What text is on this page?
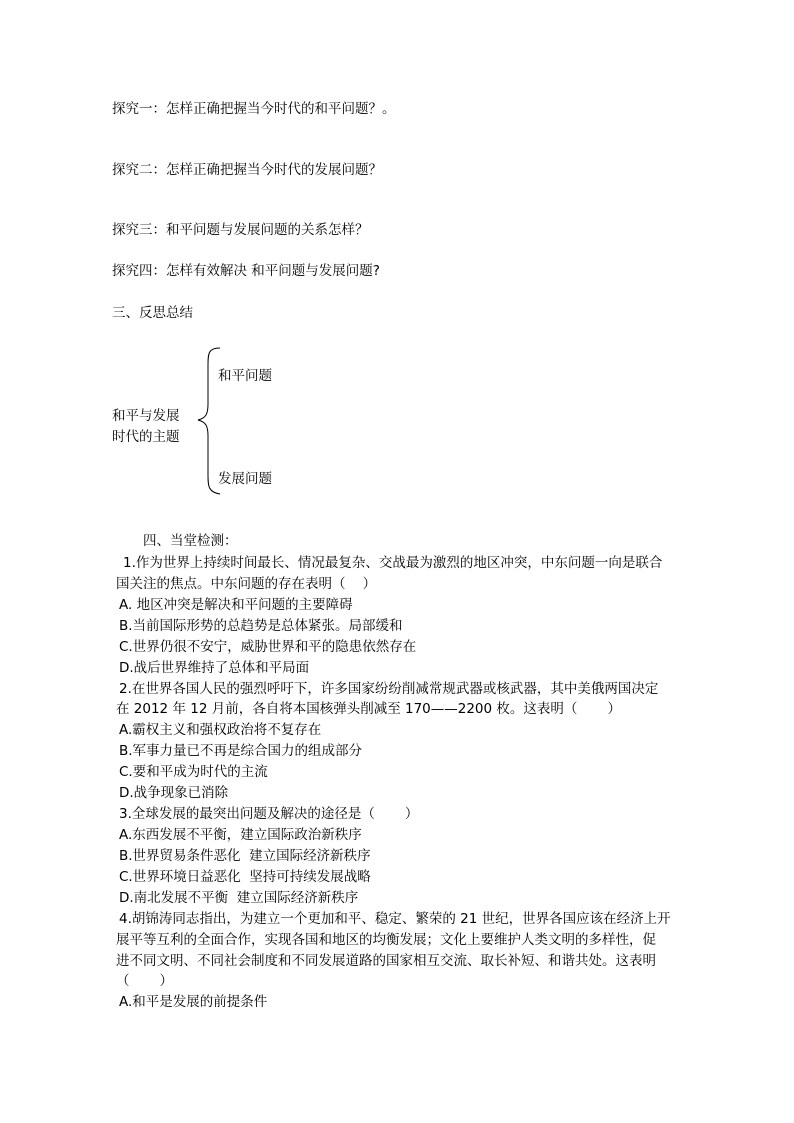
探究一：怎样正确把握当今时代的和平问题？。
探究二：怎样正确把握当今时代的发展问题？
探究三：和平问题与发展问题的关系怎样？
探究四：怎样有效解决 和平问题与发展问题?
三、反思总结
和平与发展
时代的主题
和平问题
发展问题
四、当堂检测：
1.作为世界上持续时间最长、情况最复杂、交战最为激烈的地区冲突，中东问题一向是联合
国关注的焦点。中东问题的存在表明（    ）
A. 地区冲突是解决和平问题的主要障碍
B.当前国际形势的总趋势是总体紧张。局部缓和
C.世界仍很不安宁，威胁世界和平的隐患依然存在
D.战后世界维持了总体和平局面
2.在世界各国人民的强烈呼吁下，许多国家纷纷削减常规武器或核武器，其中美俄两国决定
在 2012 年 12 月前，各自将本国核弹头削减至 170——2200 枚。这表明（       ）
A.霸权主义和强权政治将不复存在
B.军事力量已不再是综合国力的组成部分
C.要和平成为时代的主流
D.战争现象已消除
3.全球发展的最突出问题及解决的途径是（       ）
A.东西发展不平衡，建立国际政治新秩序
B.世界贸易条件恶化  建立国际经济新秩序
C.世界环境日益恶化  坚持可持续发展战略
D.南北发展不平衡  建立国际经济新秩序
4.胡锦涛同志指出，为建立一个更加和平、稳定、繁荣的 21 世纪，世界各国应该在经济上开
展平等互利的全面合作，实现各国和地区的均衡发展；文化上要维护人类文明的多样性，促
进不同文明、不同社会制度和不同发展道路的国家相互交流、取长补短、和谐共处。这表明
（       ）
A.和平是发展的前提条件
